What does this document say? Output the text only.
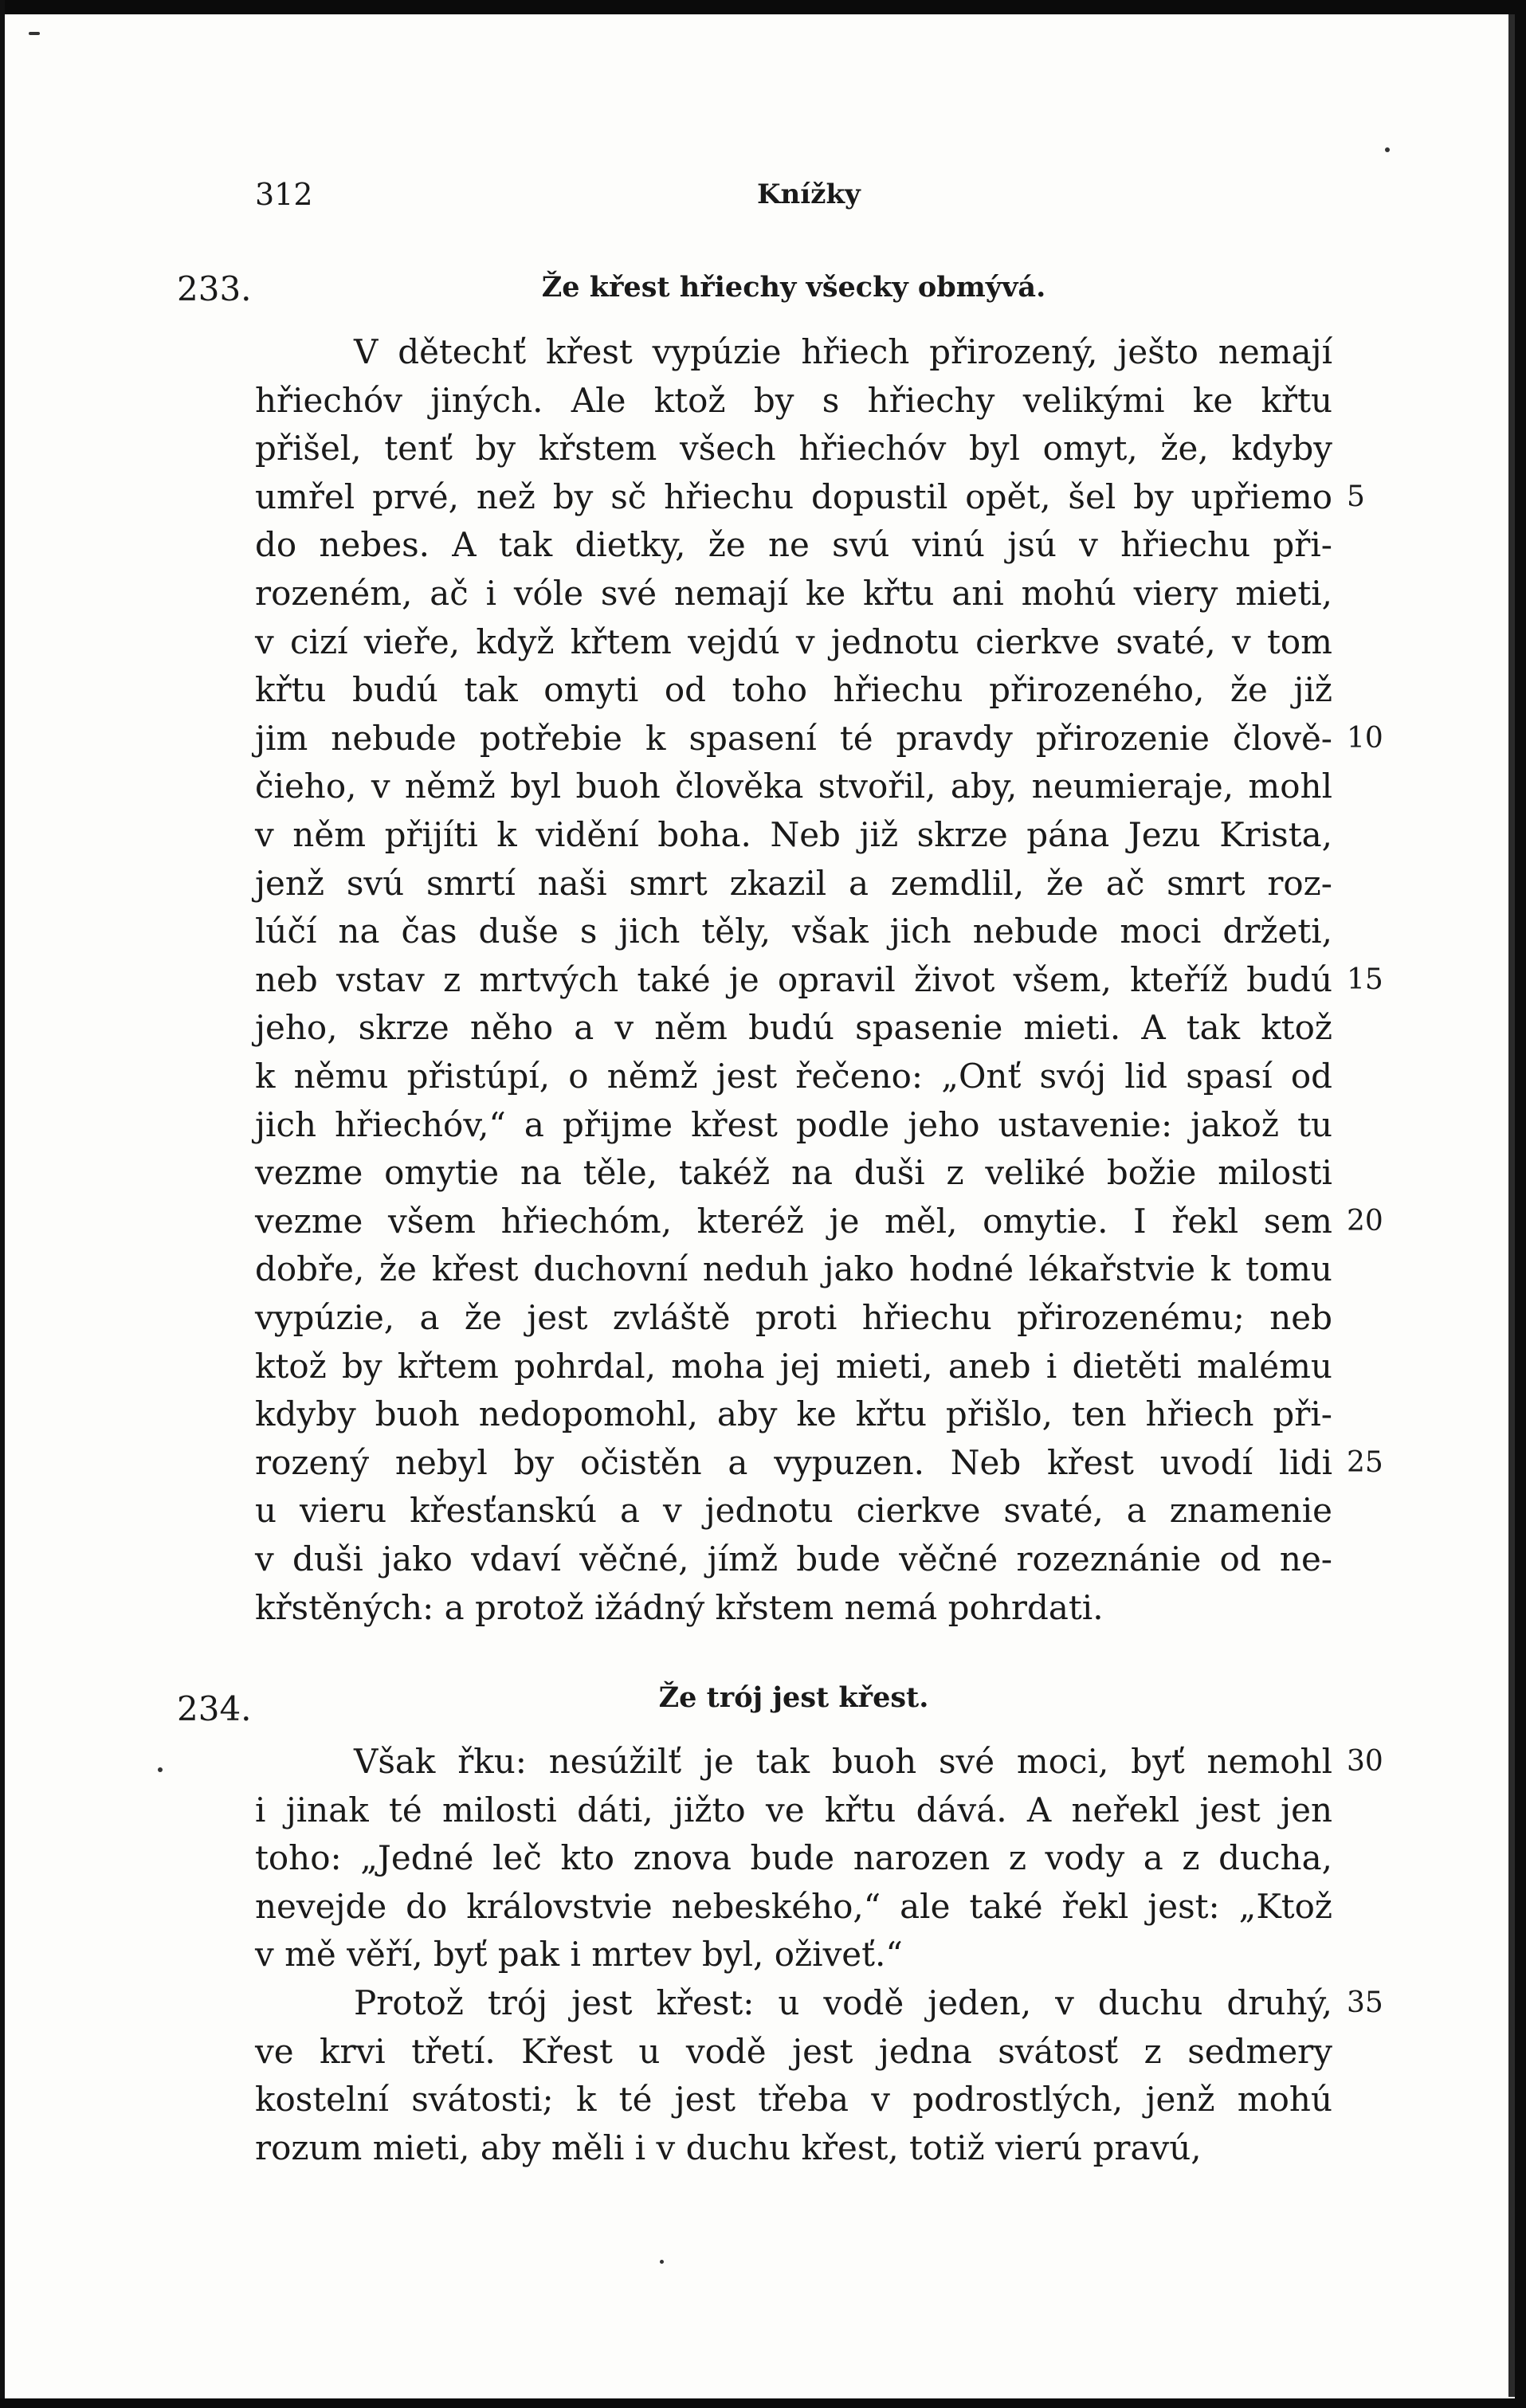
312	Knížky
233.	Že křest hřiechy všecky obmývá.
V dětechť křest vypúzie hřiech přirozený, ještо nemají
hřiechóv jiných. Ale ktož by s hřiechy velikými ke křtu
přišel, tenť by křstem všech hřiechóv byl omyt, že, kdyby
umřel prvé, než by sč hřiechu dopustil opět, šel by upřiemo
do nebes. A tak dietky, že ne svú vinú jsú v hřiechu při-
rozeném, ač i vóle své nemají ke křtu ani mohú viery mieti,
v cizí vieře, když křtem vejdú v jednotu cierkve svaté, v tom
křtu budú tak omyti od toho hřiechu přirozeného, že již
jim nebude potřebie k spasení té pravdy přirozenie člově-
čieho, v němž byl buoh člověka stvořil, aby, neumieraje, mohl
v něm přijíti k vidění boha. Neb již skrze pána Jezu Krista,
jenž svú smrtí naši smrt zkazil a zemdlil, že ač smrt roz-
lúčí na čas duše s jich těly, však jich nebude moci držeti,
neb vstav z mrtvých také je opravil život všem, kteříž budú
jeho, skrze něho a v něm budú spasenie mieti. A tak ktož
k němu přistúpí, o němž jest řečeno: „Onť svój lid spasí od
jich hřiechóv,“ a přijme křest podle jeho ustavenie: jakož tu
vezme omytie na těle, takéž na duši z veliké božie milosti
vezme všem hřiechóm, kteréž je měl, omytie. I řekl sem
dobře, že křest duchovní neduh jako hodné lékařstvie k tomu
vypúzie, a že jest zvláště proti hřiechu přirozenému; neb
ktož by křtem pohrdal, moha jej mieti, aneb i dietěti malému
kdyby buoh nedopomohl, aby ke křtu přišlo, ten hřiech při-
rozený nebyl by očistěn a vypuzen. Neb křest uvodí lidi
u vieru křesťanskú a v jednotu cierkve svaté, a znamenie
v duši jako vdaví věčné, jímž bude věčné rozeznánie od ne-
křstěných: a protož ižádný křstem nemá pohrdati.
234.	Že trój jest křest.
Však řku: nesúžilť je tak buoh své moci, byť nemohl
i jinak té milosti dáti, jižto ve křtu dává. A neřekl jest jen
toho: „Jedné leč kto znova bude narozen z vody a z ducha,
nevejde do královstvie nebeského,“ ale také řekl jest: „Ktož
v mě věří, byť pak i mrtev byl, oživeť.“
Protož trój jest křest: u vodě jeden, v duchu druhý,
ve krvi třetí. Křest u vodě jest jedna svátosť z sedmery
kostelní svátosti; k té jest třeba v podrostlých, jenž mohú
rozum mieti, aby měli i v duchu křest, totiž vierú pravú,
5
10
15
20
25
30
35
